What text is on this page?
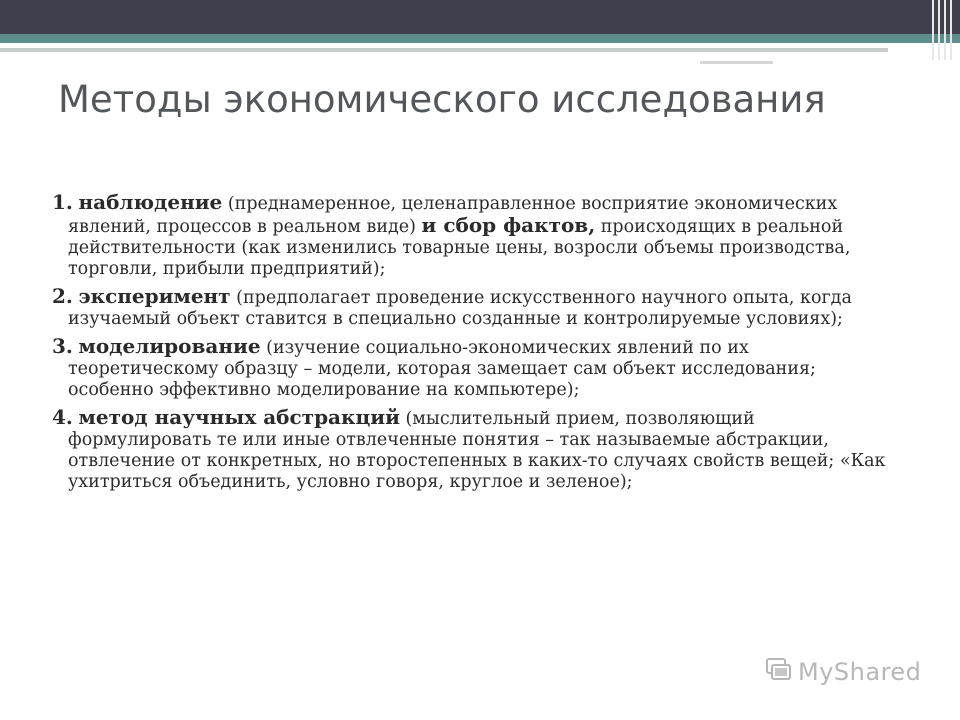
Методы экономического исследования

1. наблюдение (преднамеренное, целенаправленное восприятие экономических явлений, процессов в реальном виде) и сбор фактов, происходящих в реальной действительности (как изменились товарные цены, возросли объемы производства, торговли, прибыли предприятий);

2. эксперимент (предполагает проведение искусственного научного опыта, когда изучаемый объект ставится в специально созданные и контролируемые условиях);

3. моделирование (изучение социально-экономических явлений по их теоретическому образцу – модели, которая замещает сам объект исследования; особенно эффективно моделирование на компьютере);

4. метод научных абстракций (мыслительный прием, позволяющий формулировать те или иные отвлеченные понятия – так называемые абстракции, отвлечение от конкретных, но второстепенных в каких-то случаях свойств вещей; «Как ухитриться объединить, условно говоря, круглое и зеленое);

MyShared
